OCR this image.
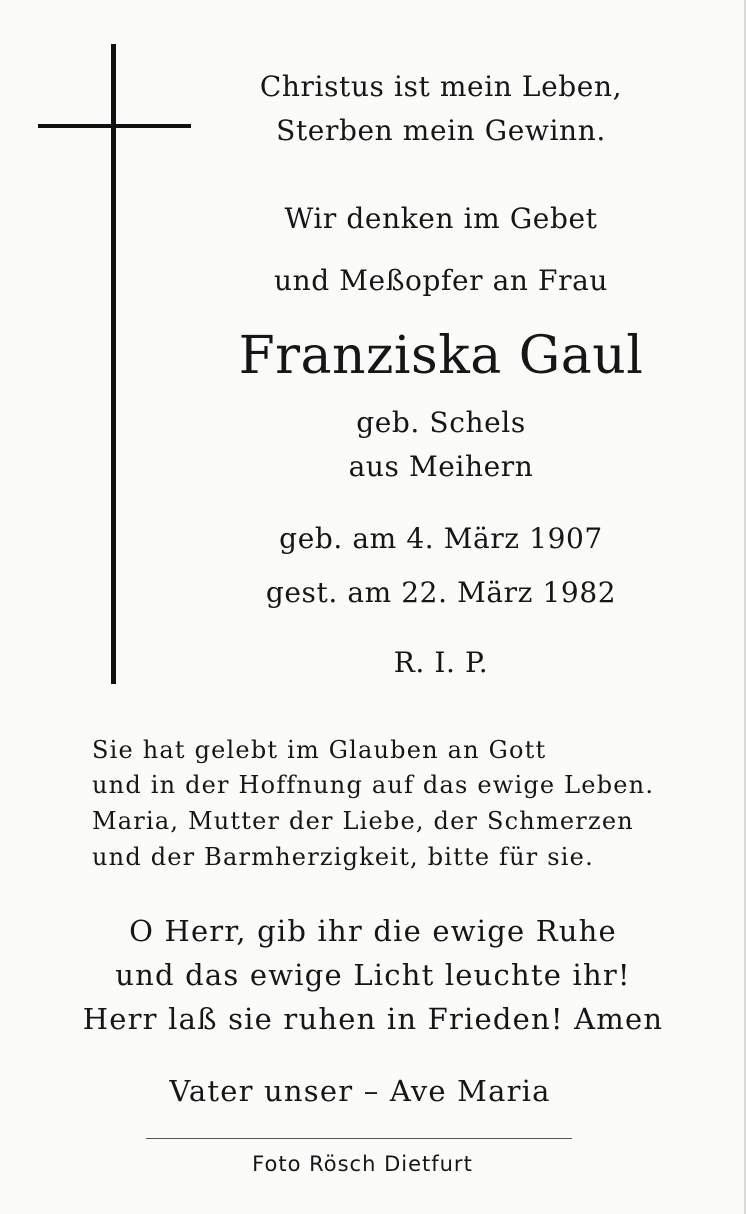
Christus ist mein Leben,
Sterben mein Gewinn.
Wir denken im Gebet
und Meßopfer an Frau
Franziska Gaul
geb. Schels
aus Meihern
geb. am 4. März 1907
gest. am 22. März 1982
R. I. P.
Sie hat gelebt im Glauben an Gott
und in der Hoffnung auf das ewige Leben.
Maria, Mutter der Liebe, der Schmerzen
und der Barmherzigkeit, bitte für sie.
O Herr, gib ihr die ewige Ruhe
und das ewige Licht leuchte ihr!
Herr laß sie ruhen in Frieden! Amen
Vater unser – Ave Maria
Foto Rösch Dietfurt
